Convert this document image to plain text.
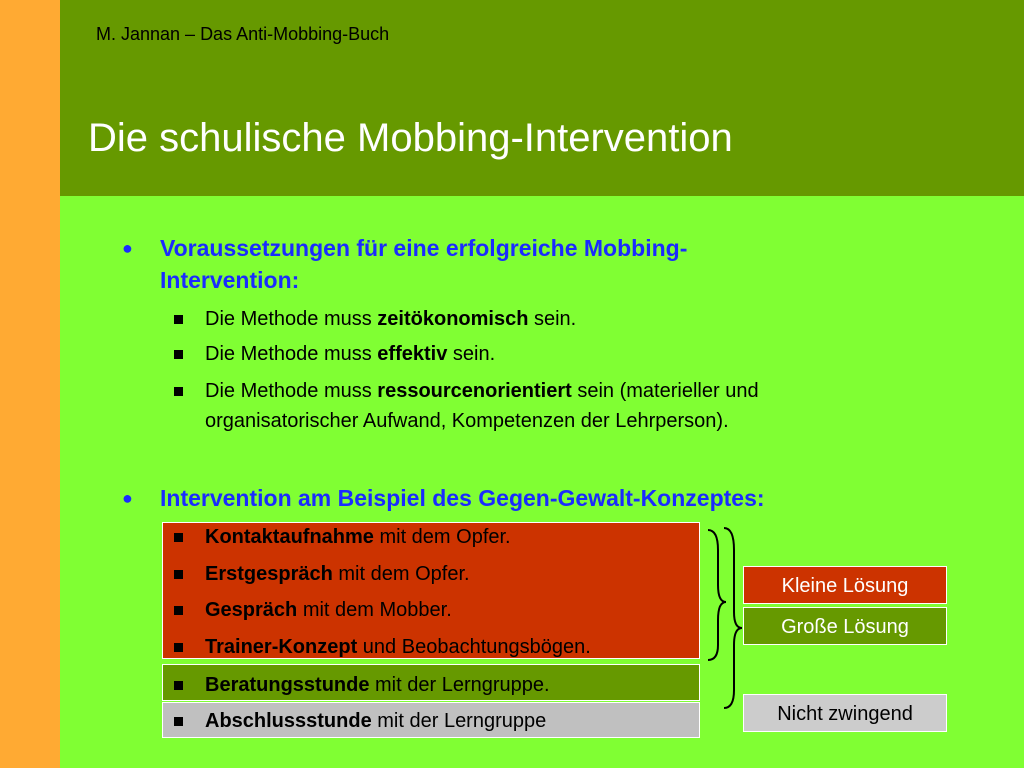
M. Jannan – Das Anti-Mobbing-Buch
Die schulische Mobbing-Intervention
● Voraussetzungen für eine erfolgreiche Mobbing-
Intervention:
Die Methode muss zeitökonomisch sein.
Die Methode muss effektiv sein.
Die Methode muss ressourcenorientiert sein (materieller und
organisatorischer Aufwand, Kompetenzen der Lehrperson).
● Intervention am Beispiel des Gegen-Gewalt-Konzeptes:
Kontaktaufnahme mit dem Opfer.
Erstgespräch mit dem Opfer.
Gespräch mit dem Mobber.
Trainer-Konzept und Beobachtungsbögen.
Beratungsstunde mit der Lerngruppe.
Abschlussstunde mit der Lerngruppe
Kleine Lösung
Große Lösung
Nicht zwingend
